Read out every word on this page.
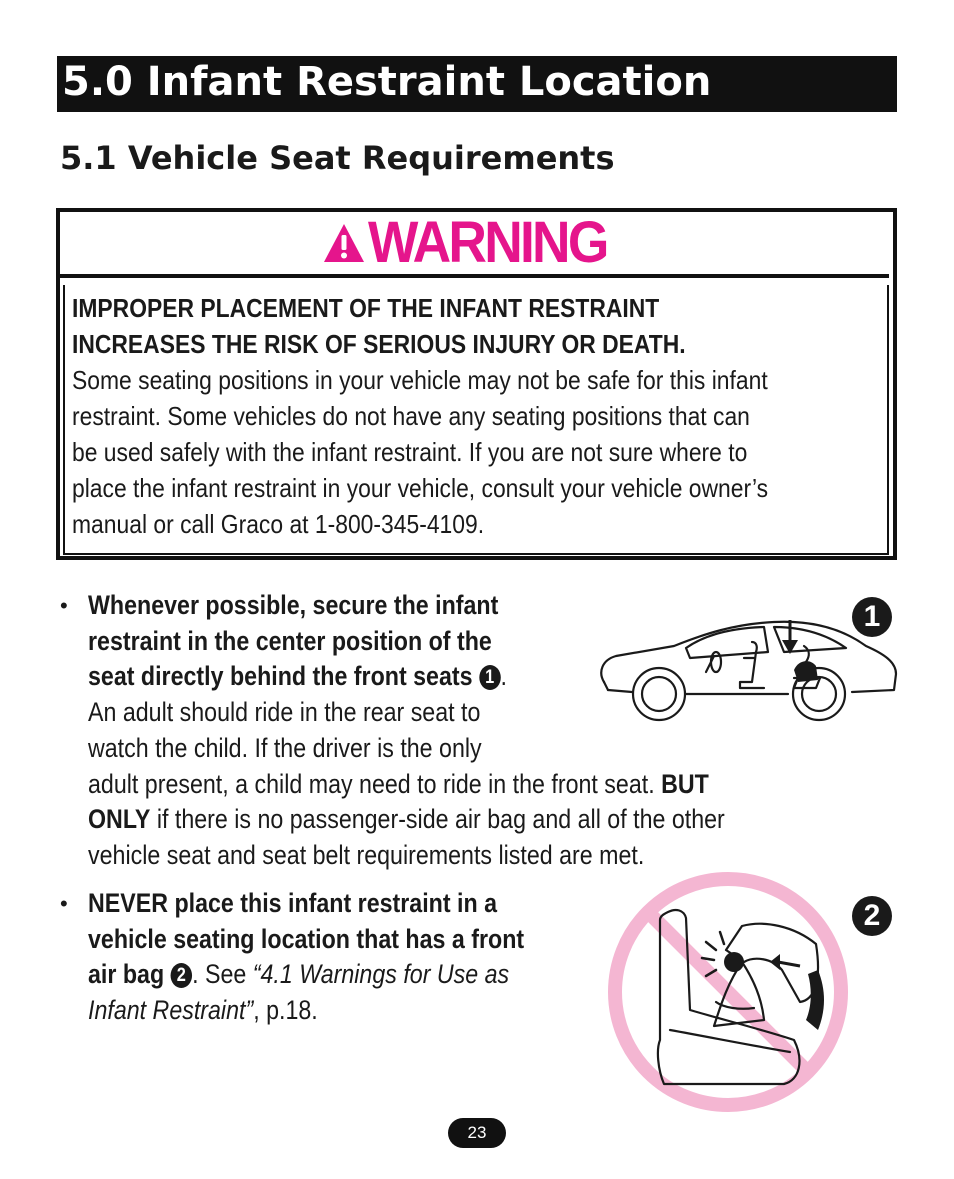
5.0 Infant Restraint Location
5.1 Vehicle Seat Requirements
WARNING
IMPROPER PLACEMENT OF THE INFANT RESTRAINT
INCREASES THE RISK OF SERIOUS INJURY OR DEATH.
Some seating positions in your vehicle may not be safe for this infant
restraint. Some vehicles do not have any seating positions that can
be used safely with the infant restraint. If you are not sure where to
place the infant restraint in your vehicle, consult your vehicle owner’s
manual or call Graco at 1-800-345-4109.
• Whenever possible, secure the infant
restraint in the center position of the
seat directly behind the front seats 1 .
An adult should ride in the rear seat to
watch the child. If the driver is the only
adult present, a child may need to ride in the front seat. BUT
ONLY if there is no passenger-side air bag and all of the other
vehicle seat and seat belt requirements listed are met.
• NEVER place this infant restraint in a
vehicle seating location that has a front
air bag 2 . See “4.1 Warnings for Use as
Infant Restraint”, p.18.
1
2
23
